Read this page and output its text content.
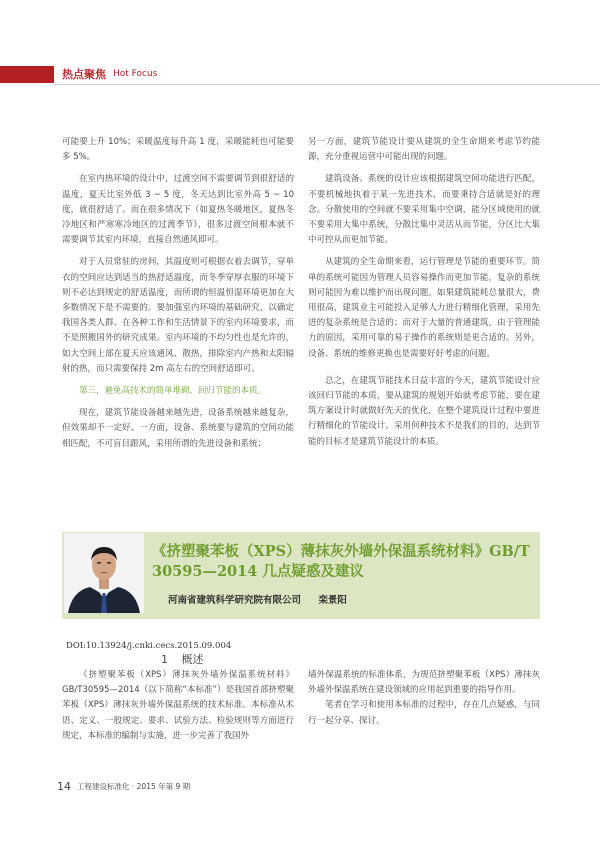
热点聚焦 Hot Focus

可能要上升 10%；采暖温度每升高 1 度，采暖能耗也可能要多 5%。

在室内热环境的设计中，过渡空间不需要调节到很舒适的温度，夏天比室外低 3 ~ 5 度，冬天达到比室外高 5 ~ 10 度，就很舒适了。而在很多情况下（如夏热冬暖地区，夏热冬冷地区和严寒寒冷地区的过渡季节），很多过渡空间根本就不需要调节其室内环境，直接自然通风即可。

对于人员常驻的房间，其温度则可根据衣着去调节，穿单衣的空间应达到适当的热舒适温度，而冬季穿厚衣服的环境下则不必达到规定的舒适温度，而所谓的恒温恒湿环境更加在大多数情况下是不需要的。要加强室内环境的基础研究，以确定我国各类人群、在各种工作和生活情景下的室内环境要求，而不是照搬国外的研究成果。室内环境的不均匀性也是允许的，如大空间上部在夏天应该通风、散热，排除室内产热和太阳辐射的热，而只需要保持 2m 高左右的空间舒适即可。

第三，避免高技术的简单堆砌，回归节能的本质。

现在，建筑节能设备越来越先进，设备系统越来越复杂，但效果却不一定好。一方面，设备、系统要与建筑的空间功能相匹配，不可盲目跟风，采用所谓的先进设备和系统；

另一方面，建筑节能设计要从建筑的全生命期来考虑节约能源，充分重视运营中可能出现的问题。

建筑设备、系统的设计应该根据建筑空间功能进行匹配，不要机械地执着于某一先进技术，而要秉持合适就是好的理念。分散使用的空间就不要采用集中空调，能分区域使用的就不要采用大集中系统，分散比集中灵活从而节能，分区比大集中可控从而更加节能。

从建筑的全生命期来看，运行管理是节能的重要环节。简单的系统可能因为管理人员容易操作而更加节能，复杂的系统则可能因为难以维护而出现问题。如果建筑能耗总量很大，费用很高，建筑业主可能投入足够人力进行精细化管理，采用先进的复杂系统是合适的；而对于大量的普通建筑，由于管理能力的原因，采用可靠的易于操作的系统则是更合适的。另外，设备、系统的维修更换也是需要好好考虑的问题。

总之，在建筑节能技术日益丰富的今天，建筑节能设计应该回归节能的本质，要从建筑的规划开始就考虑节能，要在建筑方案设计时就做好先天的优化，在整个建筑设计过程中要进行精细化的节能设计。采用何种技术不是我们的目的，达到节能的目标才是建筑节能设计的本质。

《挤塑聚苯板（XPS）薄抹灰外墙外保温系统材料》GB/T 30595—2014 几点疑惑及建议
河南省建筑科学研究院有限公司 栾景阳
DOI:10.13924/j.cnki.cecs.2015.09.004
1 概述

《挤塑聚苯板（XPS）薄抹灰外墙外保温系统材料》GB/T30595—2014（以下简称“本标准”）是我国首部挤塑聚苯板（XPS）薄抹灰外墙外保温系统的技术标准。本标准从术语、定义、一般规定、要求、试验方法、检验规则等方面进行规定，本标准的编制与实施，进一步完善了我国外

墙外保温系统的标准体系，为规范挤塑聚苯板（XPS）薄抹灰外墙外保温系统在建设领域的应用起到重要的指导作用。

笔者在学习和使用本标准的过程中，存在几点疑惑，与同行一起分享、探讨。

14 工程建设标准化 · 2015 年第 9 期
